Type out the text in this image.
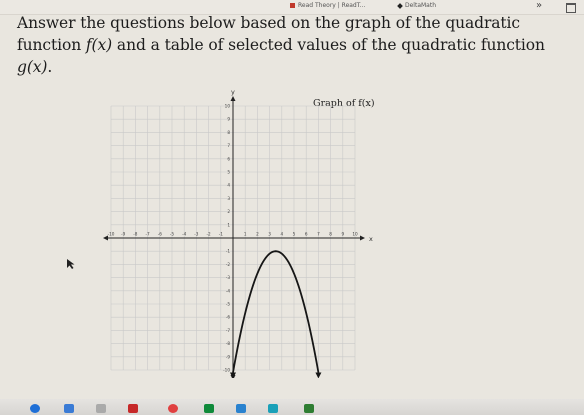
Read Theory | ReadT...	DeltaMath	»
Answer the questions below based on the graph of the quadratic function f(x) and a table of selected values of the quadratic function g(x).
Graph of f(x)
x
y
-10 -9 -8 -7 -6 -5 -4 -3 -2 -1	1 2 3 4 5 6 7 8 9 10
-10
-9
-8
-7
-6
-5
-4
-3
-2
-1
1
2
3
4
5
6
7
8
9
10
